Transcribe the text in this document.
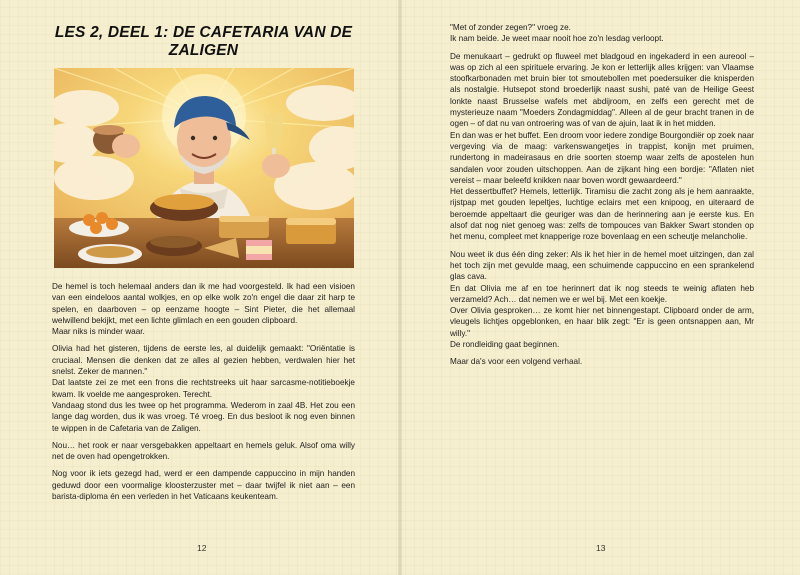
LES 2, DEEL 1: DE CAFETARIA VAN DE ZALIGEN

De hemel is toch helemaal anders dan ik me had voorgesteld. Ik had een visioen van een eindeloos aantal wolkjes, en op elke wolk zo'n engel die daar zit harp te spelen, en daarboven – op eenzame hoogte – Sint Pieter, die het allemaal welwillend bekijkt, met een lichte glimlach en een gouden clipboard.

Maar niks is minder waar.

Olivia had het gisteren, tijdens de eerste les, al duidelijk gemaakt: "Oriëntatie is cruciaal. Mensen die denken dat ze alles al gezien hebben, verdwalen hier het snelst. Zeker de mannen."

Dat laatste zei ze met een frons die rechtstreeks uit haar sarcasme-notitieboekje kwam. Ik voelde me aangesproken. Terecht.

Vandaag stond dus les twee op het programma. Wederom in zaal 4B. Het zou een lange dag worden, dus ik was vroeg. Té vroeg. En dus besloot ik nog even binnen te wippen in de Cafetaria van de Zaligen.

Nou… het rook er naar versgebakken appeltaart en hemels geluk. Alsof oma willy net de oven had opengetrokken.

Nog voor ik iets gezegd had, werd er een dampende cappuccino in mijn handen geduwd door een voormalige kloosterzuster met – daar twijfel ik niet aan – een barista-diploma én een verleden in het Vaticaans keukenteam.

"Met of zonder zegen?" vroeg ze.

Ik nam beide. Je weet maar nooit hoe zo'n lesdag verloopt.

De menukaart – gedrukt op fluweel met bladgoud en ingekaderd in een aureool – was op zich al een spirituele ervaring. Je kon er letterlijk alles krijgen: van Vlaamse stoofkarbonaden met bruin bier tot smoutebollen met poedersuiker die knisperden als nostalgie. Hutsepot stond broederlijk naast sushi, paté van de Heilige Geest lonkte naast Brusselse wafels met abdijroom, en zelfs een gerecht met de mysterieuze naam "Moeders Zondagmiddag". Alleen al de geur bracht tranen in de ogen – of dat nu van ontroering was of van de ajuin, laat ik in het midden.

En dan was er het buffet. Een droom voor iedere zondige Bourgondiër op zoek naar vergeving via de maag: varkenswangetjes in trappist, konijn met pruimen, rundertong in madeirasaus en drie soorten stoemp waar zelfs de apostelen hun sandalen voor zouden uitschoppen. Aan de zijkant hing een bordje: "Aflaten niet vereist – maar beleefd knikken naar boven wordt gewaardeerd."

Het dessertbuffet? Hemels, letterlijk. Tiramisu die zacht zong als je hem aanraakte, rijstpap met gouden lepeltjes, luchtige eclairs met een knipoog, en uiteraard de beroemde appeltaart die geuriger was dan de herinnering aan je eerste kus. En alsof dat nog niet genoeg was: zelfs de tompouces van Bakker Swart stonden op het menu, compleet met knapperige roze bovenlaag en een scheutje melancholie.

Nou weet ik dus één ding zeker: Als ik het hier in de hemel moet uitzingen, dan zal het toch zijn met gevulde maag, een schuimende cappuccino en een sprankelend glas cava.

En dat Olivia me af en toe herinnert dat ik nog steeds te weinig aflaten heb verzameld? Ach… dat nemen we er wel bij. Met een koekje.

Over Olivia gesproken… ze komt hier net binnengestapt. Clipboard onder de arm, vleugels lichtjes opgeblonken, en haar blik zegt: "Er is geen ontsnappen aan, Mr willy."

De rondleiding gaat beginnen.

Maar da's voor een volgend verhaal.

12	13
